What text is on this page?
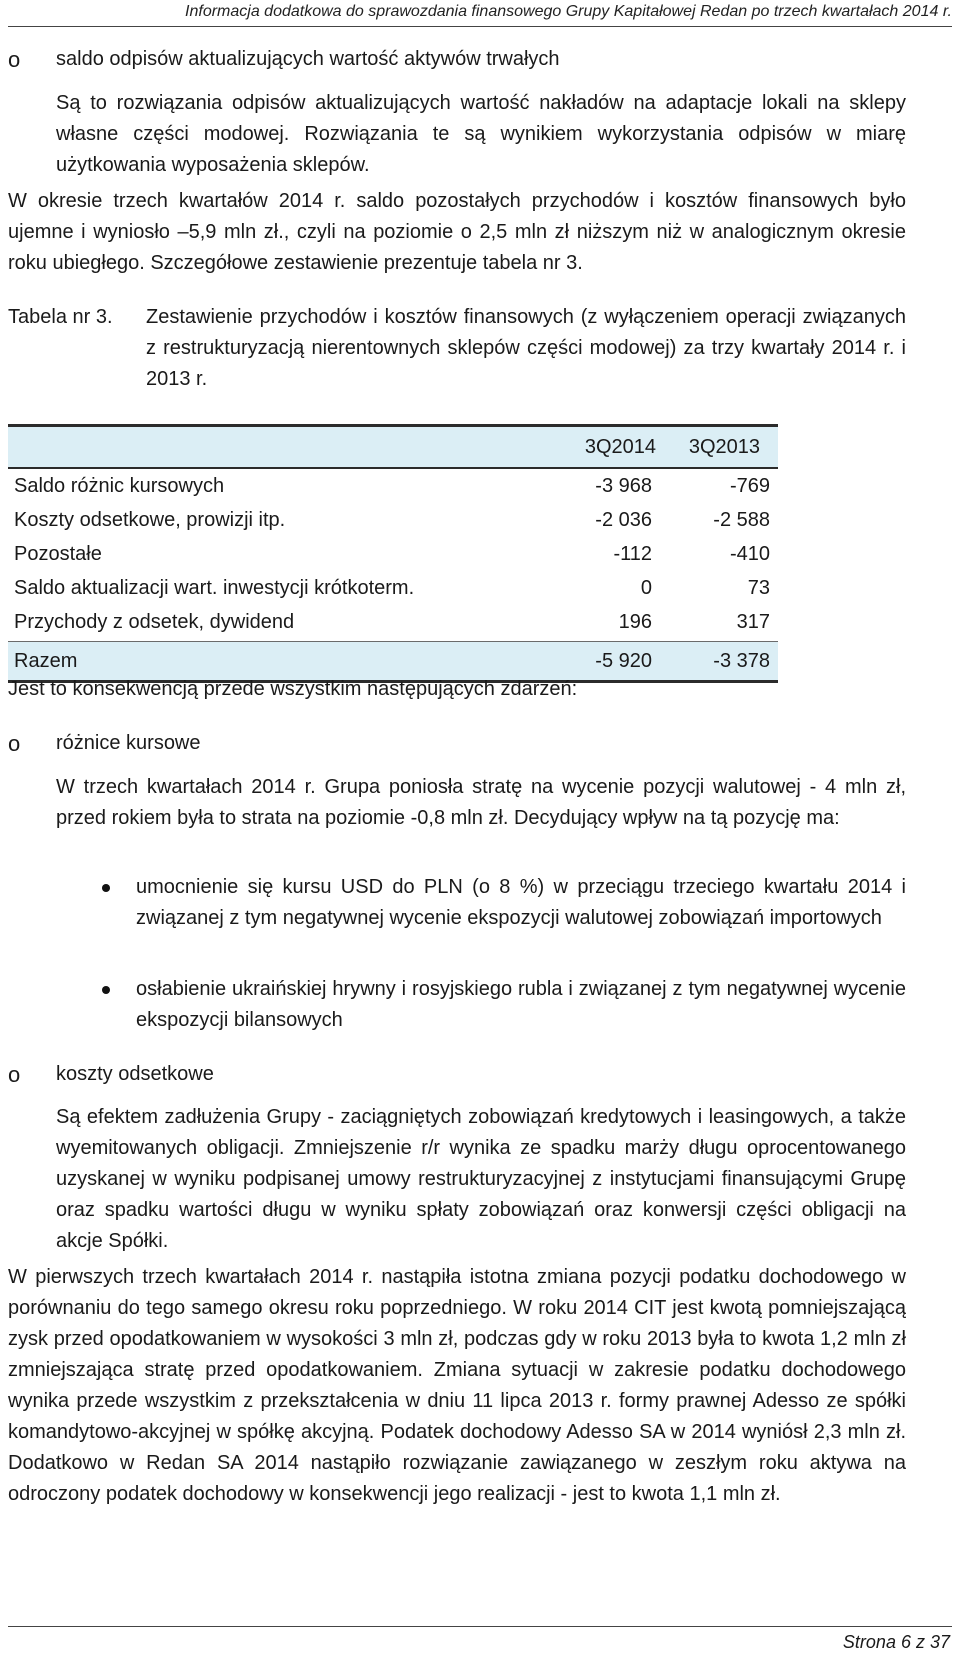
Informacja dodatkowa do sprawozdania finansowego Grupy Kapitałowej Redan po trzech kwartałach 2014 r.
o saldo odpisów aktualizujących wartość aktywów trwałych
Są to rozwiązania odpisów aktualizujących wartość nakładów na adaptacje lokali na sklepy własne części modowej. Rozwiązania te są wynikiem wykorzystania odpisów w miarę użytkowania wyposażenia sklepów.
W okresie trzech kwartałów 2014 r. saldo pozostałych przychodów i kosztów finansowych było ujemne i wyniosło –5,9 mln zł., czyli na poziomie o 2,5 mln zł niższym niż w analogicznym okresie roku ubiegłego. Szczegółowe zestawienie prezentuje tabela nr 3.
Tabela nr 3.	Zestawienie przychodów i kosztów finansowych (z wyłączeniem operacji związanych z restrukturyzacją nierentownych sklepów części modowej) za trzy kwartały 2014 r. i 2013 r.
3Q2014 3Q2013
Saldo różnic kursowych	-3 968	-769
Koszty odsetkowe, prowizji itp.	-2 036	-2 588
Pozostałe	-112	-410
Saldo aktualizacji wart. inwestycji krótkoterm.	0	73
Przychody z odsetek, dywidend	196	317
Razem	-5 920	-3 378
Jest to konsekwencją przede wszystkim następujących zdarzeń:
o różnice kursowe
W trzech kwartałach 2014 r. Grupa poniosła stratę na wycenie pozycji walutowej - 4 mln zł, przed rokiem była to strata na poziomie -0,8 mln zł. Decydujący wpływ na tą pozycję ma:
umocnienie się kursu USD do PLN (o 8 %) w przeciągu trzeciego kwartału 2014 i związanej z tym negatywnej wycenie ekspozycji walutowej zobowiązań importowych
osłabienie ukraińskiej hrywny i rosyjskiego rubla i związanej z tym negatywnej wycenie ekspozycji bilansowych
o koszty odsetkowe
Są efektem zadłużenia Grupy - zaciągniętych zobowiązań kredytowych i leasingowych, a także wyemitowanych obligacji. Zmniejszenie r/r wynika ze spadku marży długu oprocentowanego uzyskanej w wyniku podpisanej umowy restrukturyzacyjnej z instytucjami finansującymi Grupę oraz spadku wartości długu w wyniku spłaty zobowiązań oraz konwersji części obligacji na akcje Spółki.
W pierwszych trzech kwartałach 2014 r. nastąpiła istotna zmiana pozycji podatku dochodowego w porównaniu do tego samego okresu roku poprzedniego. W roku 2014 CIT jest kwotą pomniejszającą zysk przed opodatkowaniem w wysokości 3 mln zł, podczas gdy w roku 2013 była to kwota 1,2 mln zł zmniejszająca stratę przed opodatkowaniem. Zmiana sytuacji w zakresie podatku dochodowego wynika przede wszystkim z przekształcenia w dniu 11 lipca 2013 r. formy prawnej Adesso ze spółki komandytowo-akcyjnej w spółkę akcyjną. Podatek dochodowy Adesso SA w 2014 wyniósł 2,3 mln zł. Dodatkowo w Redan SA 2014 nastąpiło rozwiązanie zawiązanego w zeszłym roku aktywa na odroczony podatek dochodowy w konsekwencji jego realizacji - jest to kwota 1,1 mln zł.
Strona 6 z 37
